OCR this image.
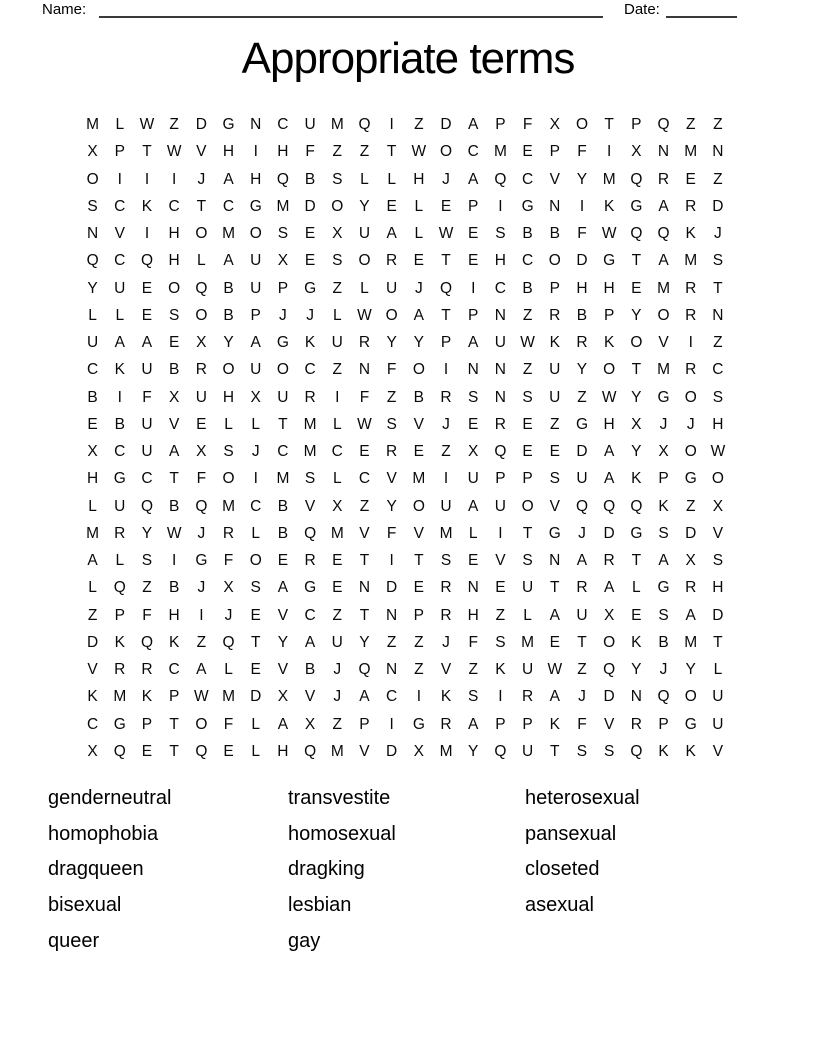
Name:	Date:
Appropriate terms
M	L	W Z	D	G	N	C	U M Q	I	Z	D	A	P	F	X	O	T	P	Q	Z	Z
X	P	T W V	H	I	H	F	Z	Z	T W O	C M	E	P	F	I	X	N M N
O	I	I	I	J	A	H	Q	B	S	L	L	H	J	A	Q	C	V	Y	M Q	R	E	Z
S	C	K	C	T	C	G M D	O	Y	E	L	E	P	I	G	N	I	K	G	A	R	D
N	V	I	H	O M O	S	E	X	U	A	L	W E	S	B	B	F W Q Q	K	J
Q	C	Q	H	L	A	U	X	E	S	O	R	E	T	E	H	C	O	D	G	T	A	M	S
Y	U	E	O Q	B	U	P	G	Z	L	U	J	Q	I	C	B	P	H	H	E	M R	T
L	L	E	S	O	B	P	J	J	L	W O	A	T	P	N	Z	R	B	P	Y	O	R	N
U	A	A	E	X	Y	A	G	K	U	R	Y	Y	P	A	U W K	R	K	O	V	I	Z
C	K	U	B	R	O	U	O	C	Z	N	F	O	I	N	N	Z	U	Y	O	T	M R	C
B	I	F	X	U	H	X	U	R	I	F	Z	B	R	S	N	S	U	Z W Y	G O	S
E	B	U	V	E	L	L	T	M	L	W S	V	J	E	R	E	Z	G	H	X	J	J	H
X	C	U	A	X	S	J	C M C	E	R	E	Z	X	Q	E	E	D	A	Y	X	O W
H	G	C	T	F	O	I	M	S	L	C	V	M	I	U	P	P	S	U	A	K	P	G O
L	U	Q	B	Q M C	B	V	X	Z	Y	O	U	A	U	O	V	Q Q Q	K	Z	X
M R	Y W	J	R	L	B	Q M	V	F	V	M	L	I	T	G	J	D	G	S	D	V
A	L	S	I	G	F	O	E	R	E	T	I	T	S	E	V	S	N	A	R	T	A	X	S
L	Q	Z	B	J	X	S	A	G	E	N	D	E	R	N	E	U	T	R	A	L	G	R	H
Z	P	F	H	I	J	E	V	C	Z	T	N	P	R	H	Z	L	A	U	X	E	S	A	D
D	K	Q	K	Z	Q	T	Y	A	U	Y	Z	Z	J	F	S	M	E	T	O	K	B	M	T
V	R	R	C	A	L	E	V	B	J	Q	N	Z	V	Z	K	U W Z	Q	Y	J	Y	L
K	M	K	P W M D	X	V	J	A	C	I	K	S	I	R	A	J	D	N	Q O	U
C	G	P	T	O	F	L	A	X	Z	P	I	G	R	A	P	P	K	F	V	R	P	G	U
X	Q	E	T	Q	E	L	H	Q M	V	D	X	M	Y	Q	U	T	S	S	Q	K	K	V
genderneutral
homophobia
dragqueen
bisexual
queer
transvestite
homosexual
dragking
lesbian
gay
heterosexual
pansexual
closeted
asexual
